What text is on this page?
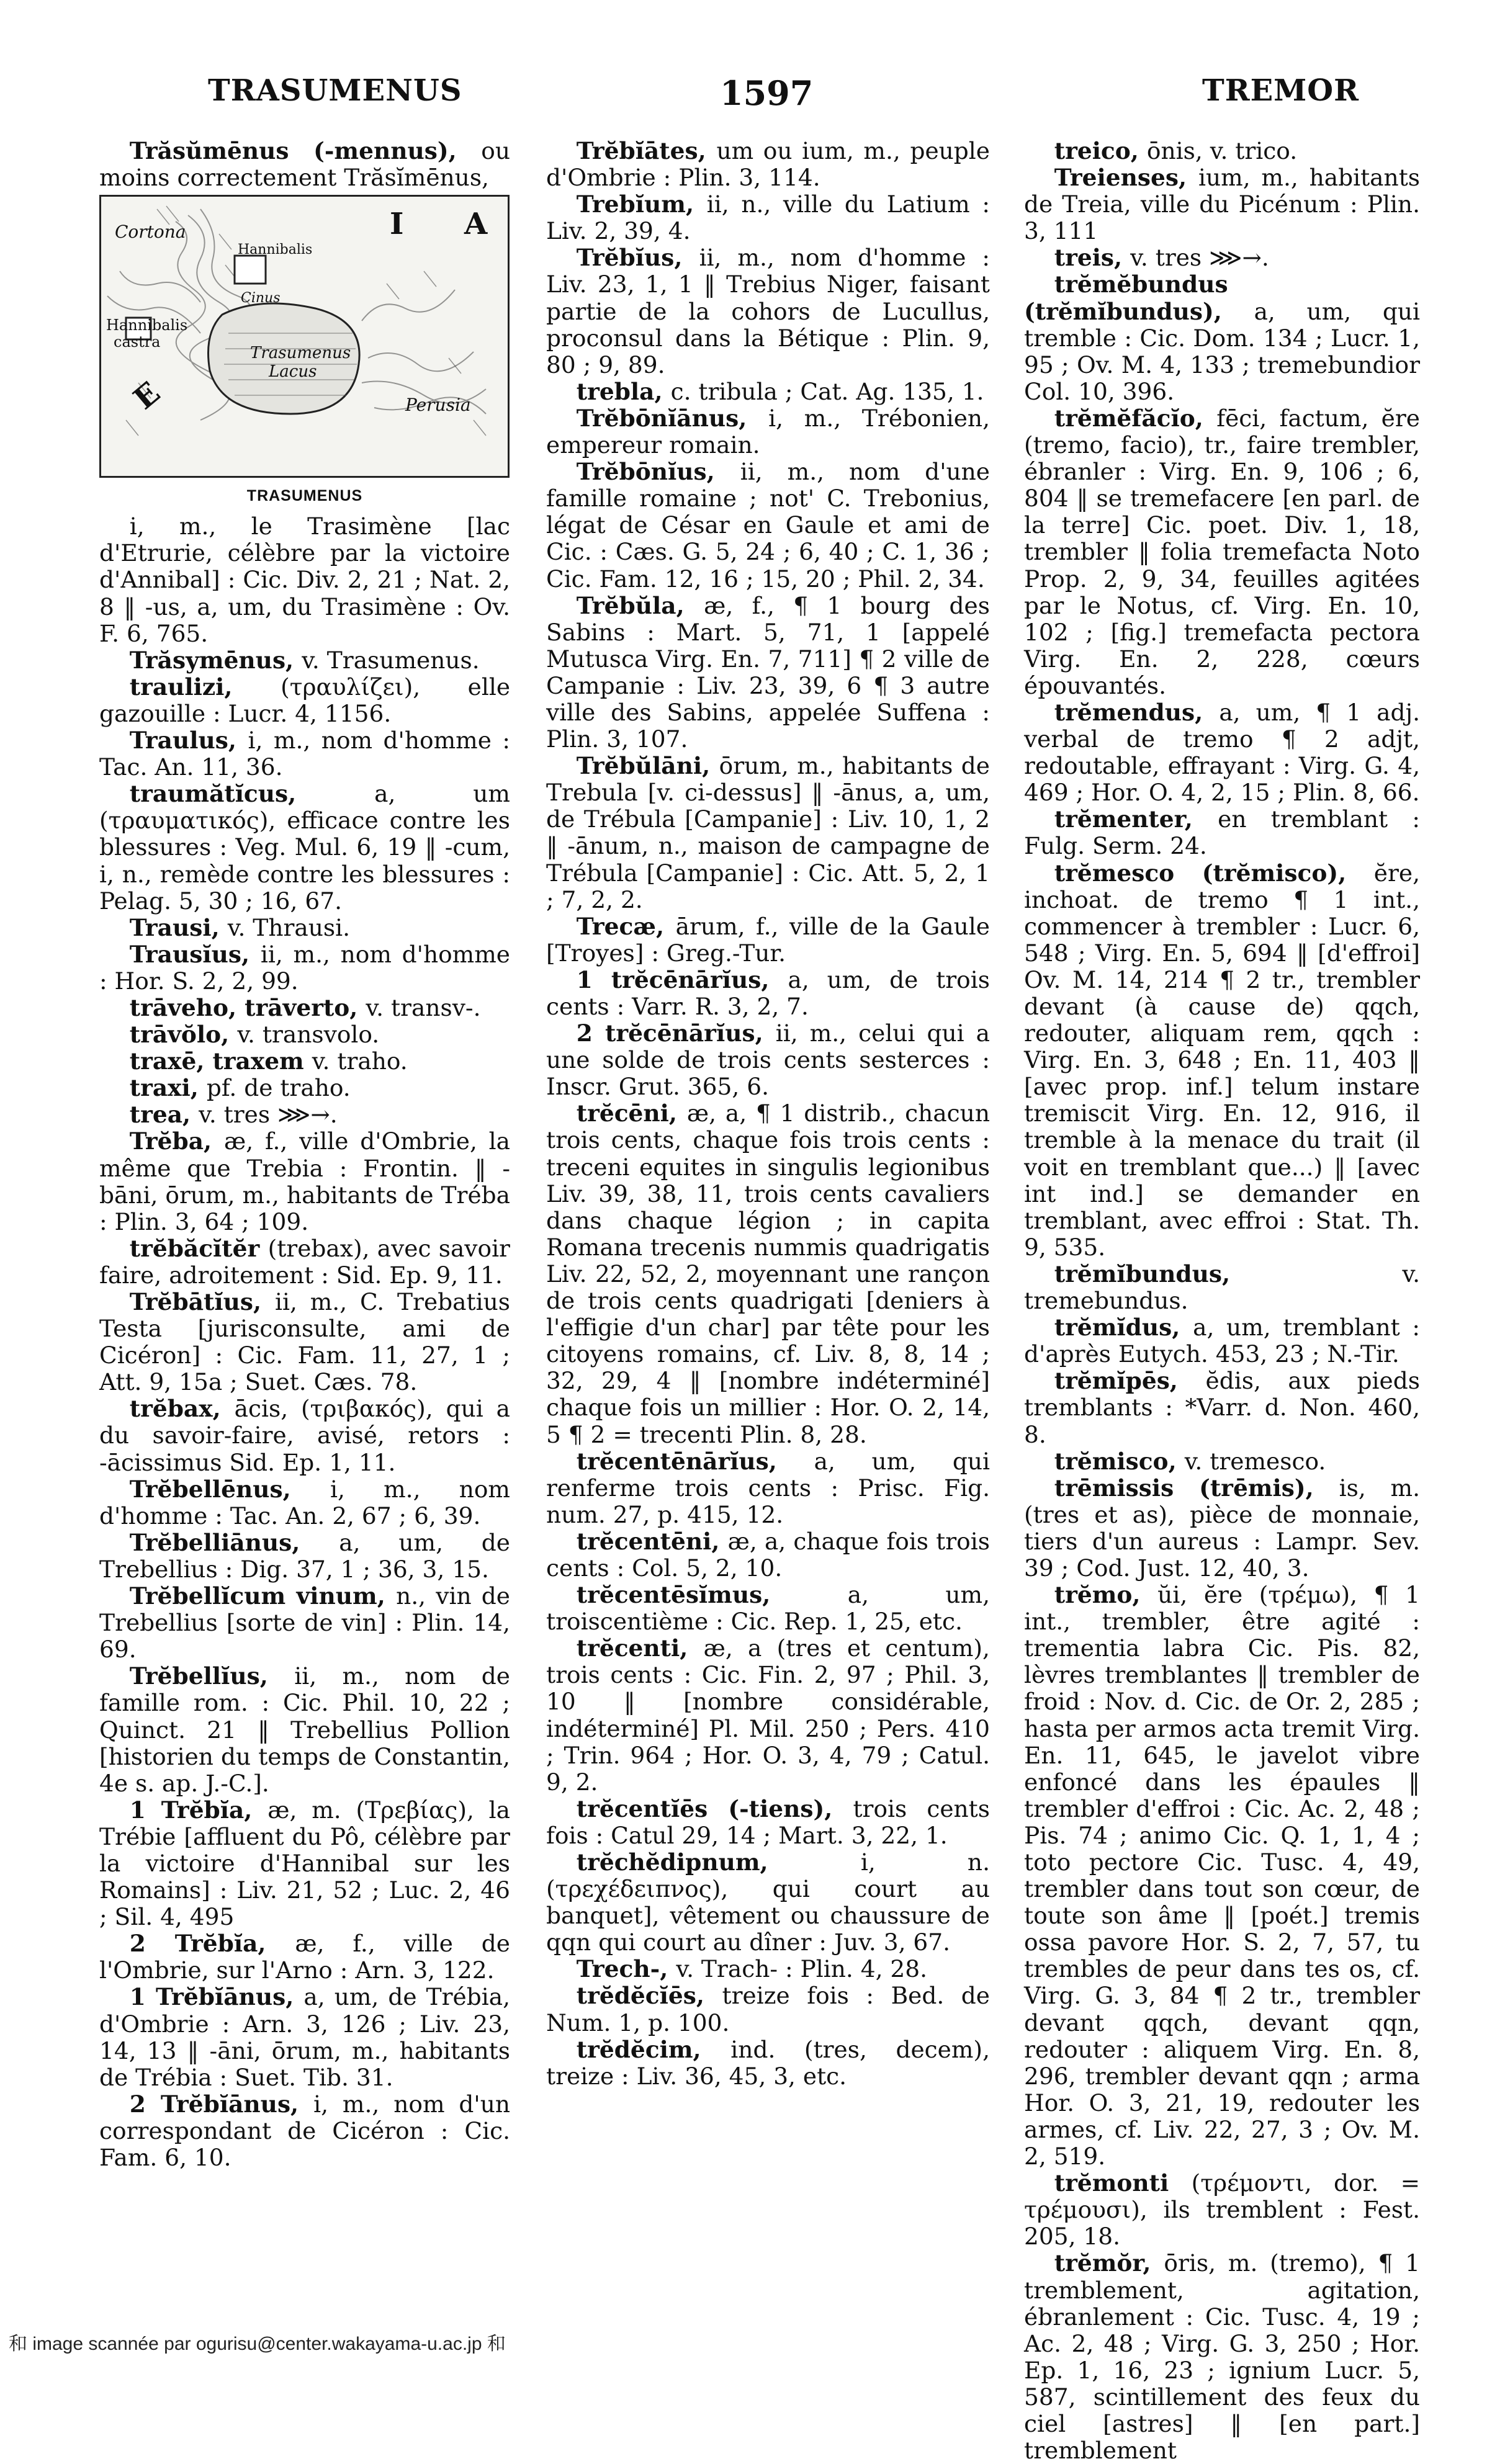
TRASUMENUS	1597	TREMOR

Trăsŭmēnus (-mennus), ou moins correctement Trăsĭmēnus,

Cortona
Hannibalis
Cinus
Hannibalis
castra
Trasumenus
Lacus
Perusia
I A
E
TRASUMENUS

i, m., le Trasimène [lac d'Etrurie, célèbre par la victoire d'Annibal] : Cic. Div. 2, 21 ; Nat. 2, 8 ‖ -us, a, um, du Trasimène : Ov. F. 6, 765.

Trăsymēnus, v. Trasumenus.

traulizi, (τραυλίζει), elle gazouille : Lucr. 4, 1156.

Traulus, i, m., nom d'homme : Tac. An. 11, 36.

traumătĭcus,	a, um (τραυματικός), efficace contre les blessures : Veg. Mul. 6, 19 ‖ -cum, i, n., remède contre les blessures : Pelag. 5, 30 ; 16, 67.

Trausi, v. Thrausi.

Trausĭus, ii, m., nom d'homme : Hor. S. 2, 2, 99.

trāveho, trāverto, v. transv-.

trāvŏlo, v. transvolo.

traxē, traxem v. traho.

traxi, pf. de traho.

trea, v. tres ⋙→.

Trĕba, æ, f., ville d'Ombrie, la même que Trebia : Frontin. ‖ -bāni, ōrum, m., habitants de Tréba : Plin. 3, 64 ; 109.

trĕbăcĭtĕr (trebax), avec savoir faire, adroitement : Sid. Ep. 9, 11.

Trĕbātĭus, ii, m., C. Trebatius Testa [jurisconsulte, ami de Cicéron] : Cic. Fam. 11, 27, 1 ; Att. 9, 15a ; Suet. Cæs. 78.

trĕbax, ācis, (τριβακός), qui a du savoir-faire, avisé, retors : -ācissimus Sid. Ep. 1, 11.

Trĕbellēnus, i, m., nom d'homme : Tac. An. 2, 67 ; 6, 39.

Trĕbelliānus, a, um, de Trebellius : Dig. 37, 1 ; 36, 3, 15.

Trĕbellĭcum vinum, n., vin de Trebellius [sorte de vin] : Plin. 14, 69.

Trĕbellĭus, ii, m., nom de famille rom. : Cic. Phil. 10, 22 ; Quinct. 21 ‖ Trebellius Pollion [historien du temps de Constantin, 4e s. ap. J.-C.].

1 Trĕbĭa, æ, m. (Τρεβίας), la Trébie [affluent du Pô, célèbre par la victoire d'Hannibal sur les Romains] : Liv. 21, 52 ; Luc. 2, 46 ; Sil. 4, 495

2 Trĕbĭa, æ, f., ville de l'Ombrie, sur l'Arno : Arn. 3, 122.

1 Trĕbĭānus, a, um, de Trébia, d'Ombrie : Arn. 3, 126 ; Liv. 23, 14, 13 ‖ -āni, ōrum, m., habitants de Trébia : Suet. Tib. 31.

2 Trĕbĭānus, i, m., nom d'un correspondant de Cicéron : Cic. Fam. 6, 10.

Trĕbĭātes, um ou ium, m., peuple d'Ombrie : Plin. 3, 114.

Trebĭum, ii, n., ville du Latium : Liv. 2, 39, 4.

Trĕbĭus, ii, m., nom d'homme : Liv. 23, 1, 1 ‖ Trebius Niger, faisant partie de la cohors de Lucullus, proconsul dans la Bétique : Plin. 9, 80 ; 9, 89.

trebla, c. tribula ; Cat. Ag. 135, 1.

Trĕbōnĭānus, i, m., Trébonien, empereur romain.

Trĕbōnĭus, ii, m., nom d'une famille romaine ; not' C. Trebonius, légat de César en Gaule et ami de Cic. : Cæs. G. 5, 24 ; 6, 40 ; C. 1, 36 ; Cic. Fam. 12, 16 ; 15, 20 ; Phil. 2, 34.

Trĕbŭla, æ, f., ¶ 1 bourg des Sabins : Mart. 5, 71, 1 [appelé Mutusca Virg. En. 7, 711] ¶ 2 ville de Campanie : Liv. 23, 39, 6 ¶ 3 autre ville des Sabins, appelée Suffena : Plin. 3, 107.

Trĕbŭlāni, ōrum, m., habitants de Trebula [v. ci-dessus] ‖ -ānus, a, um, de Trébula [Campanie] : Liv. 10, 1, 2 ‖ -ānum, n., maison de campagne de Trébula [Campanie] : Cic. Att. 5, 2, 1 ; 7, 2, 2.

Trecæ, ārum, f., ville de la Gaule [Troyes] : Greg.-Tur.

1 trĕcēnārĭus, a, um, de trois cents : Varr. R. 3, 2, 7.

2 trĕcēnārĭus, ii, m., celui qui a une solde de trois cents sesterces : Inscr. Grut. 365, 6.

trĕcēni, æ, a, ¶ 1 distrib., chacun trois cents, chaque fois trois cents : treceni equites in singulis legionibus Liv. 39, 38, 11, trois cents cavaliers dans chaque légion ; in capita Romana trecenis nummis quadrigatis Liv. 22, 52, 2, moyennant une rançon de trois cents quadrigati [deniers à l'effigie d'un char] par tête pour les citoyens romains, cf. Liv. 8, 8, 14 ; 32, 29, 4 ‖ [nombre indéterminé] chaque fois un millier : Hor. O. 2, 14, 5 ¶ 2 = trecenti Plin. 8, 28.

trĕcentēnārĭus, a, um, qui renferme trois cents : Prisc. Fig. num. 27, p. 415, 12.

trĕcentēni, æ, a, chaque fois trois cents : Col. 5, 2, 10.

trĕcentēsĭmus,	a, um, troiscentième : Cic. Rep. 1, 25, etc.

trĕcenti, æ, a (tres et centum), trois cents : Cic. Fin. 2, 97 ; Phil. 3, 10 ‖ [nombre considérable, indéterminé] Pl. Mil. 250 ; Pers. 410 ; Trin. 964 ; Hor. O. 3, 4, 79 ; Catul. 9, 2.

trĕcentĭēs (-tiens), trois cents fois : Catul 29, 14 ; Mart. 3, 22, 1.

trĕchĕdipnum,	i, n. (τρεχέδειπνος), qui court au banquet], vêtement ou chaussure de qqn qui court au dîner : Juv. 3, 67.

Trech-, v. Trach- : Plin. 4, 28.

trĕdĕcĭēs, treize fois : Bed. de Num. 1, p. 100.

trĕdĕcim, ind. (tres, decem), treize : Liv. 36, 45, 3, etc.

treico, ōnis, v. trico.

Treienses, ium, m., habitants de Treia, ville du Picénum : Plin. 3, 111

treis, v. tres ⋙→.

trĕmĕbundus (trĕmĭbundus), a, um, qui tremble : Cic. Dom. 134 ; Lucr. 1, 95 ; Ov. M. 4, 133 ; tremebundior Col. 10, 396.

trĕmĕfăcĭo, fēci, factum, ĕre (tremo, facio), tr., faire trembler, ébranler : Virg. En. 9, 106 ; 6, 804 ‖ se tremefacere [en parl. de la terre] Cic. poet. Div. 1, 18, trembler ‖ folia tremefacta Noto Prop. 2, 9, 34, feuilles agitées par le Notus, cf. Virg. En. 10, 102 ; [fig.] tremefacta pectora Virg. En. 2, 228, cœurs épouvantés.

trĕmendus, a, um, ¶ 1 adj. verbal de tremo ¶ 2 adjt, redoutable, effrayant : Virg. G. 4, 469 ; Hor. O. 4, 2, 15 ; Plin. 8, 66.

trĕmenter, en tremblant : Fulg. Serm. 24.

trĕmesco (trĕmisco), ĕre, inchoat. de tremo ¶ 1 int., commencer à trembler : Lucr. 6, 548 ; Virg. En. 5, 694 ‖ [d'effroi] Ov. M. 14, 214 ¶ 2 tr., trembler devant (à cause de) qqch, redouter, aliquam rem, qqch : Virg. En. 3, 648 ; En. 11, 403 ‖ [avec prop. inf.] telum instare tremiscit Virg. En. 12, 916, il tremble à la menace du trait (il voit en tremblant que...) ‖ [avec int ind.] se demander en tremblant, avec effroi : Stat. Th. 9, 535.

trĕmĭbundus,	v. tremebundus.

trĕmĭdus, a, um, tremblant : d'après Eutych. 453, 23 ; N.-Tir.

trĕmĭpēs, ĕdis, aux pieds tremblants : *Varr. d. Non. 460, 8.

trĕmisco, v. tremesco.

trēmissis (trēmis), is, m. (tres et as), pièce de monnaie, tiers d'un aureus : Lampr. Sev. 39 ; Cod. Just. 12, 40, 3.

trĕmo, ŭi, ĕre (τρέμω), ¶ 1 int., trembler, être agité : trementia labra Cic. Pis. 82, lèvres tremblantes ‖ trembler de froid : Nov. d. Cic. de Or. 2, 285 ; hasta per armos acta tremit Virg. En. 11, 645, le javelot vibre enfoncé dans les épaules ‖ trembler d'effroi : Cic. Ac. 2, 48 ; Pis. 74 ; animo Cic. Q. 1, 1, 4 ; toto pectore Cic. Tusc. 4, 49, trembler dans tout son cœur, de toute son âme ‖ [poét.] tremis ossa pavore Hor. S. 2, 7, 57, tu trembles de peur dans tes os, cf. Virg. G. 3, 84 ¶ 2 tr., trembler devant qqch, devant qqn, redouter : aliquem Virg. En. 8, 296, trembler devant qqn ; arma Hor. O. 3, 21, 19, redouter les armes, cf. Liv. 22, 27, 3 ; Ov. M. 2, 519.

trĕmonti (τρέμοντι, dor. = τρέμουσι), ils tremblent : Fest. 205, 18.

trĕmŏr, ōris, m. (tremo), ¶ 1 tremblement, agitation, ébranlement : Cic. Tusc. 4, 19 ; Ac. 2, 48 ; Virg. G. 3, 250 ; Hor. Ep. 1, 16, 23 ; ignium Lucr. 5, 587, scintillement des feux du ciel [astres] ‖ [en part.] tremblement

和 image scannée par ogurisu@center.wakayama-u.ac.jp 和
